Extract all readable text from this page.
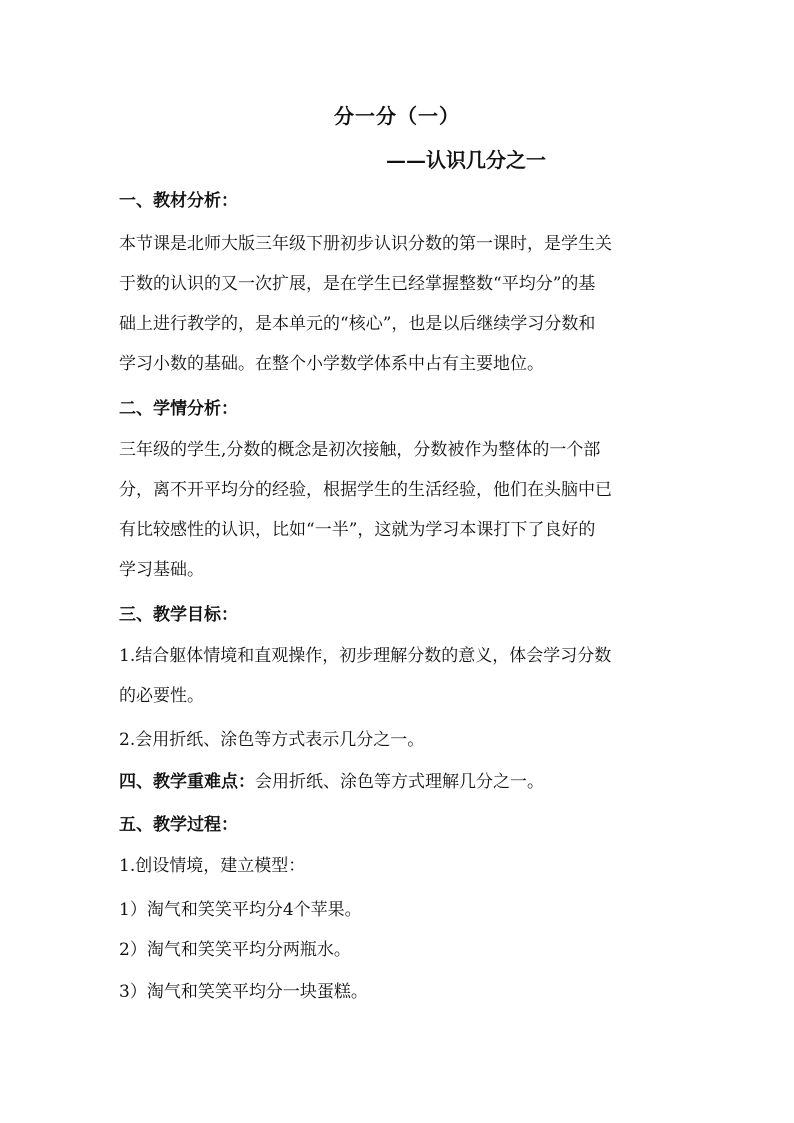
分一分（一）
——认识几分之一
一、教材分析：
本节课是北师大版三年级下册初步认识分数的第一课时，是学生关
于数的认识的又一次扩展，是在学生已经掌握整数“平均分”的基
础上进行教学的，是本单元的“核心”，也是以后继续学习分数和
学习小数的基础。在整个小学数学体系中占有主要地位。
二、学情分析：
三年级的学生,分数的概念是初次接触，分数被作为整体的一个部
分，离不开平均分的经验，根据学生的生活经验，他们在头脑中已
有比较感性的认识，比如“一半”，这就为学习本课打下了良好的
学习基础。
三、教学目标：
1.结合躯体情境和直观操作，初步理解分数的意义，体会学习分数
的必要性。
2.会用折纸、涂色等方式表示几分之一。
四、教学重难点：会用折纸、涂色等方式理解几分之一。
五、教学过程：
1.创设情境，建立模型：
1）淘气和笑笑平均分4个苹果。
2）淘气和笑笑平均分两瓶水。
3）淘气和笑笑平均分一块蛋糕。
